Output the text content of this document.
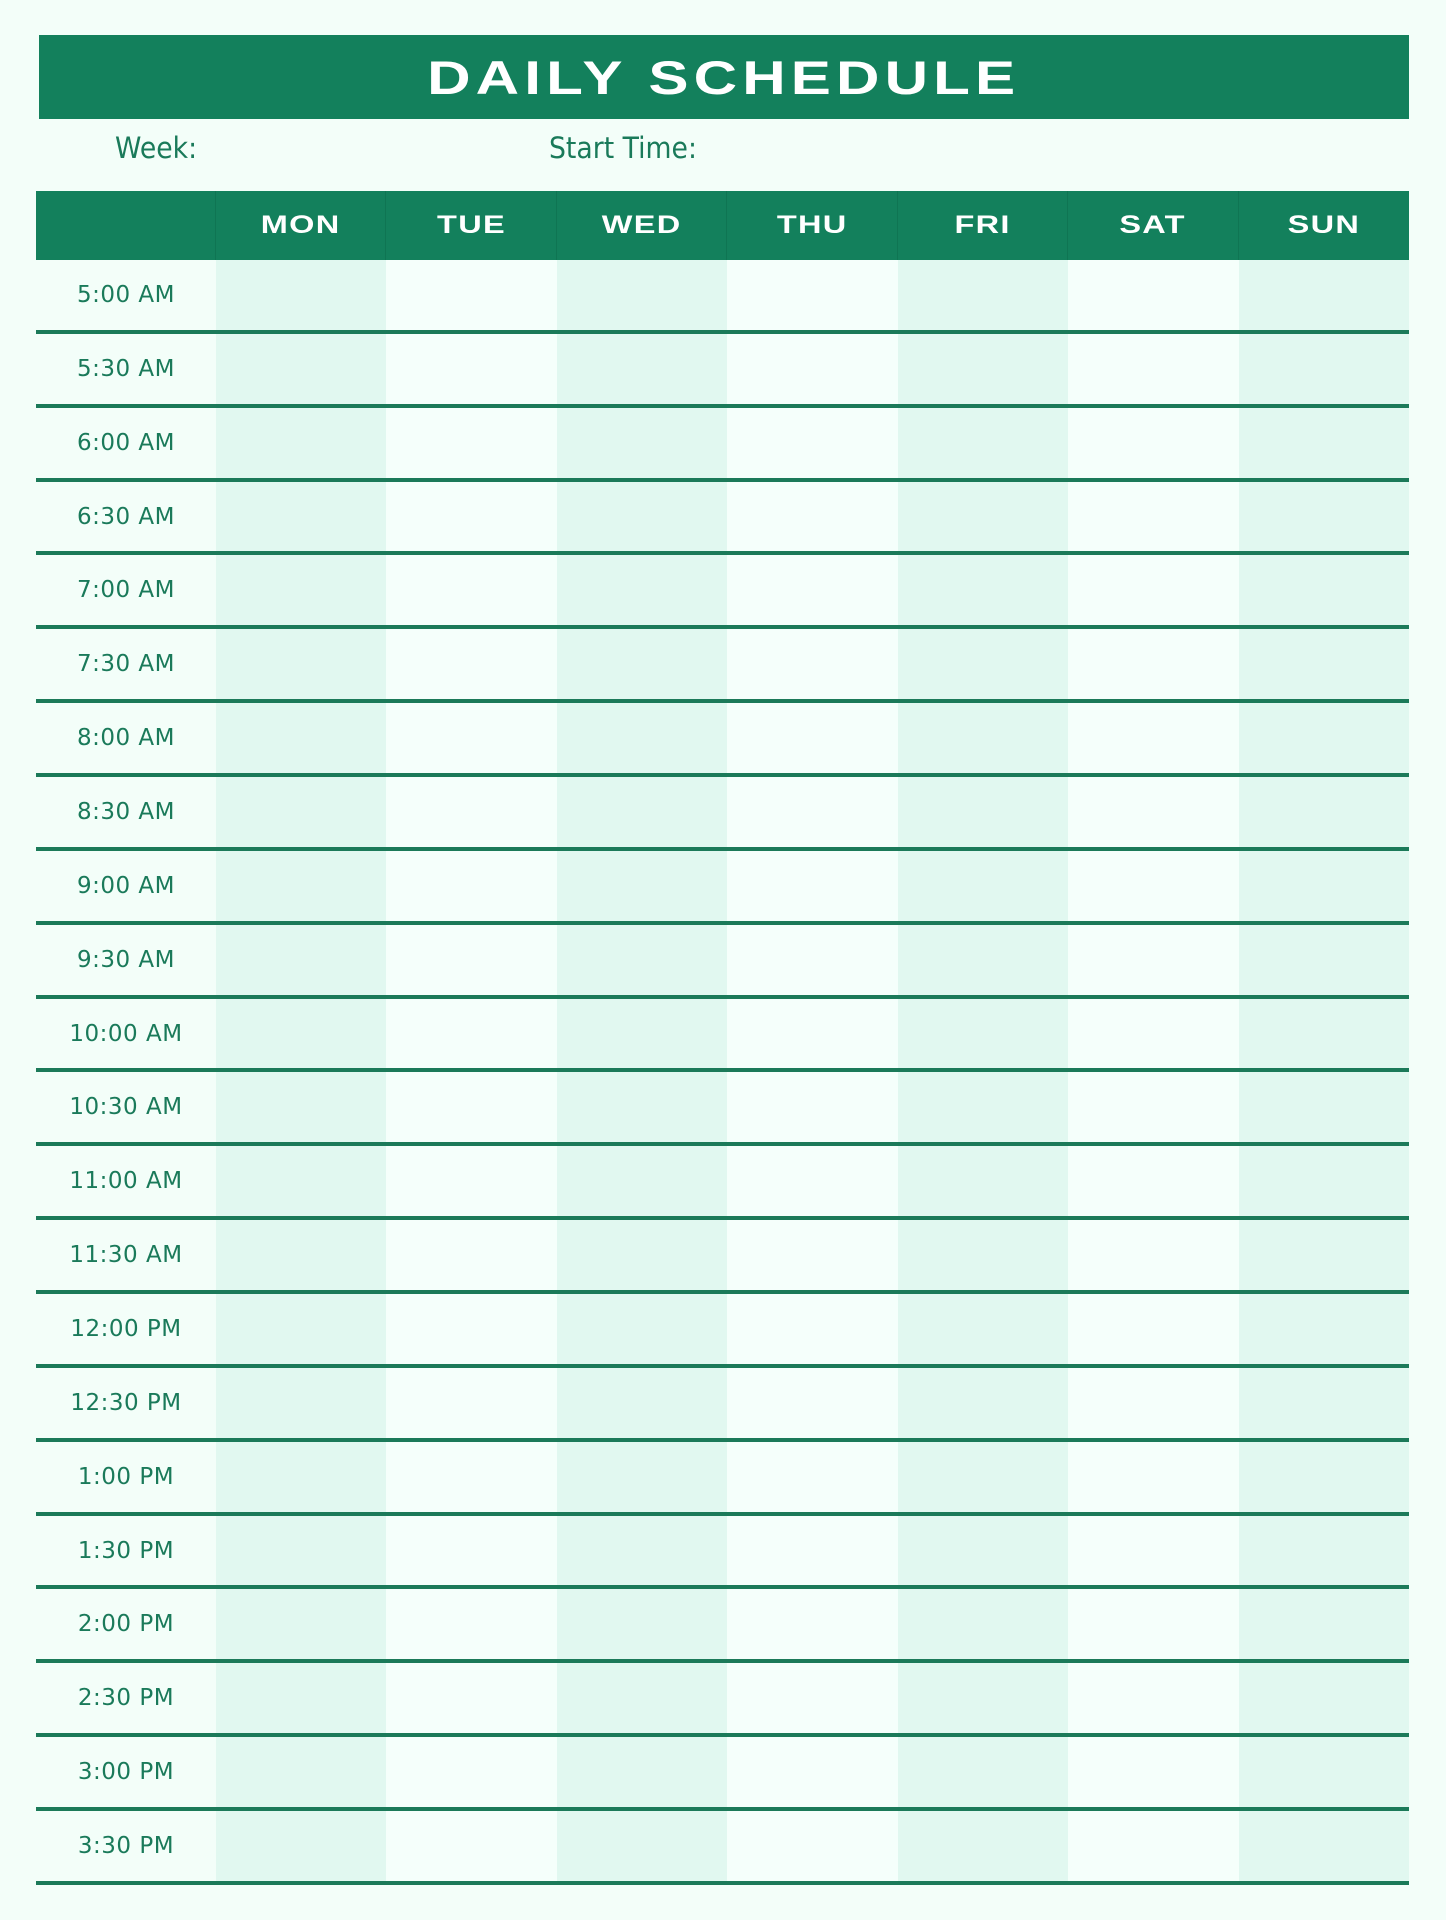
DAILY SCHEDULE
Week:	Start Time:
MON	TUE	WED	THU	FRI	SAT	SUN
5:00 AM
5:30 AM
6:00 AM
6:30 AM
7:00 AM
7:30 AM
8:00 AM
8:30 AM
9:00 AM
9:30 AM
10:00 AM
10:30 AM
11:00 AM
11:30 AM
12:00 PM
12:30 PM
1:00 PM
1:30 PM
2:00 PM
2:30 PM
3:00 PM
3:30 PM
